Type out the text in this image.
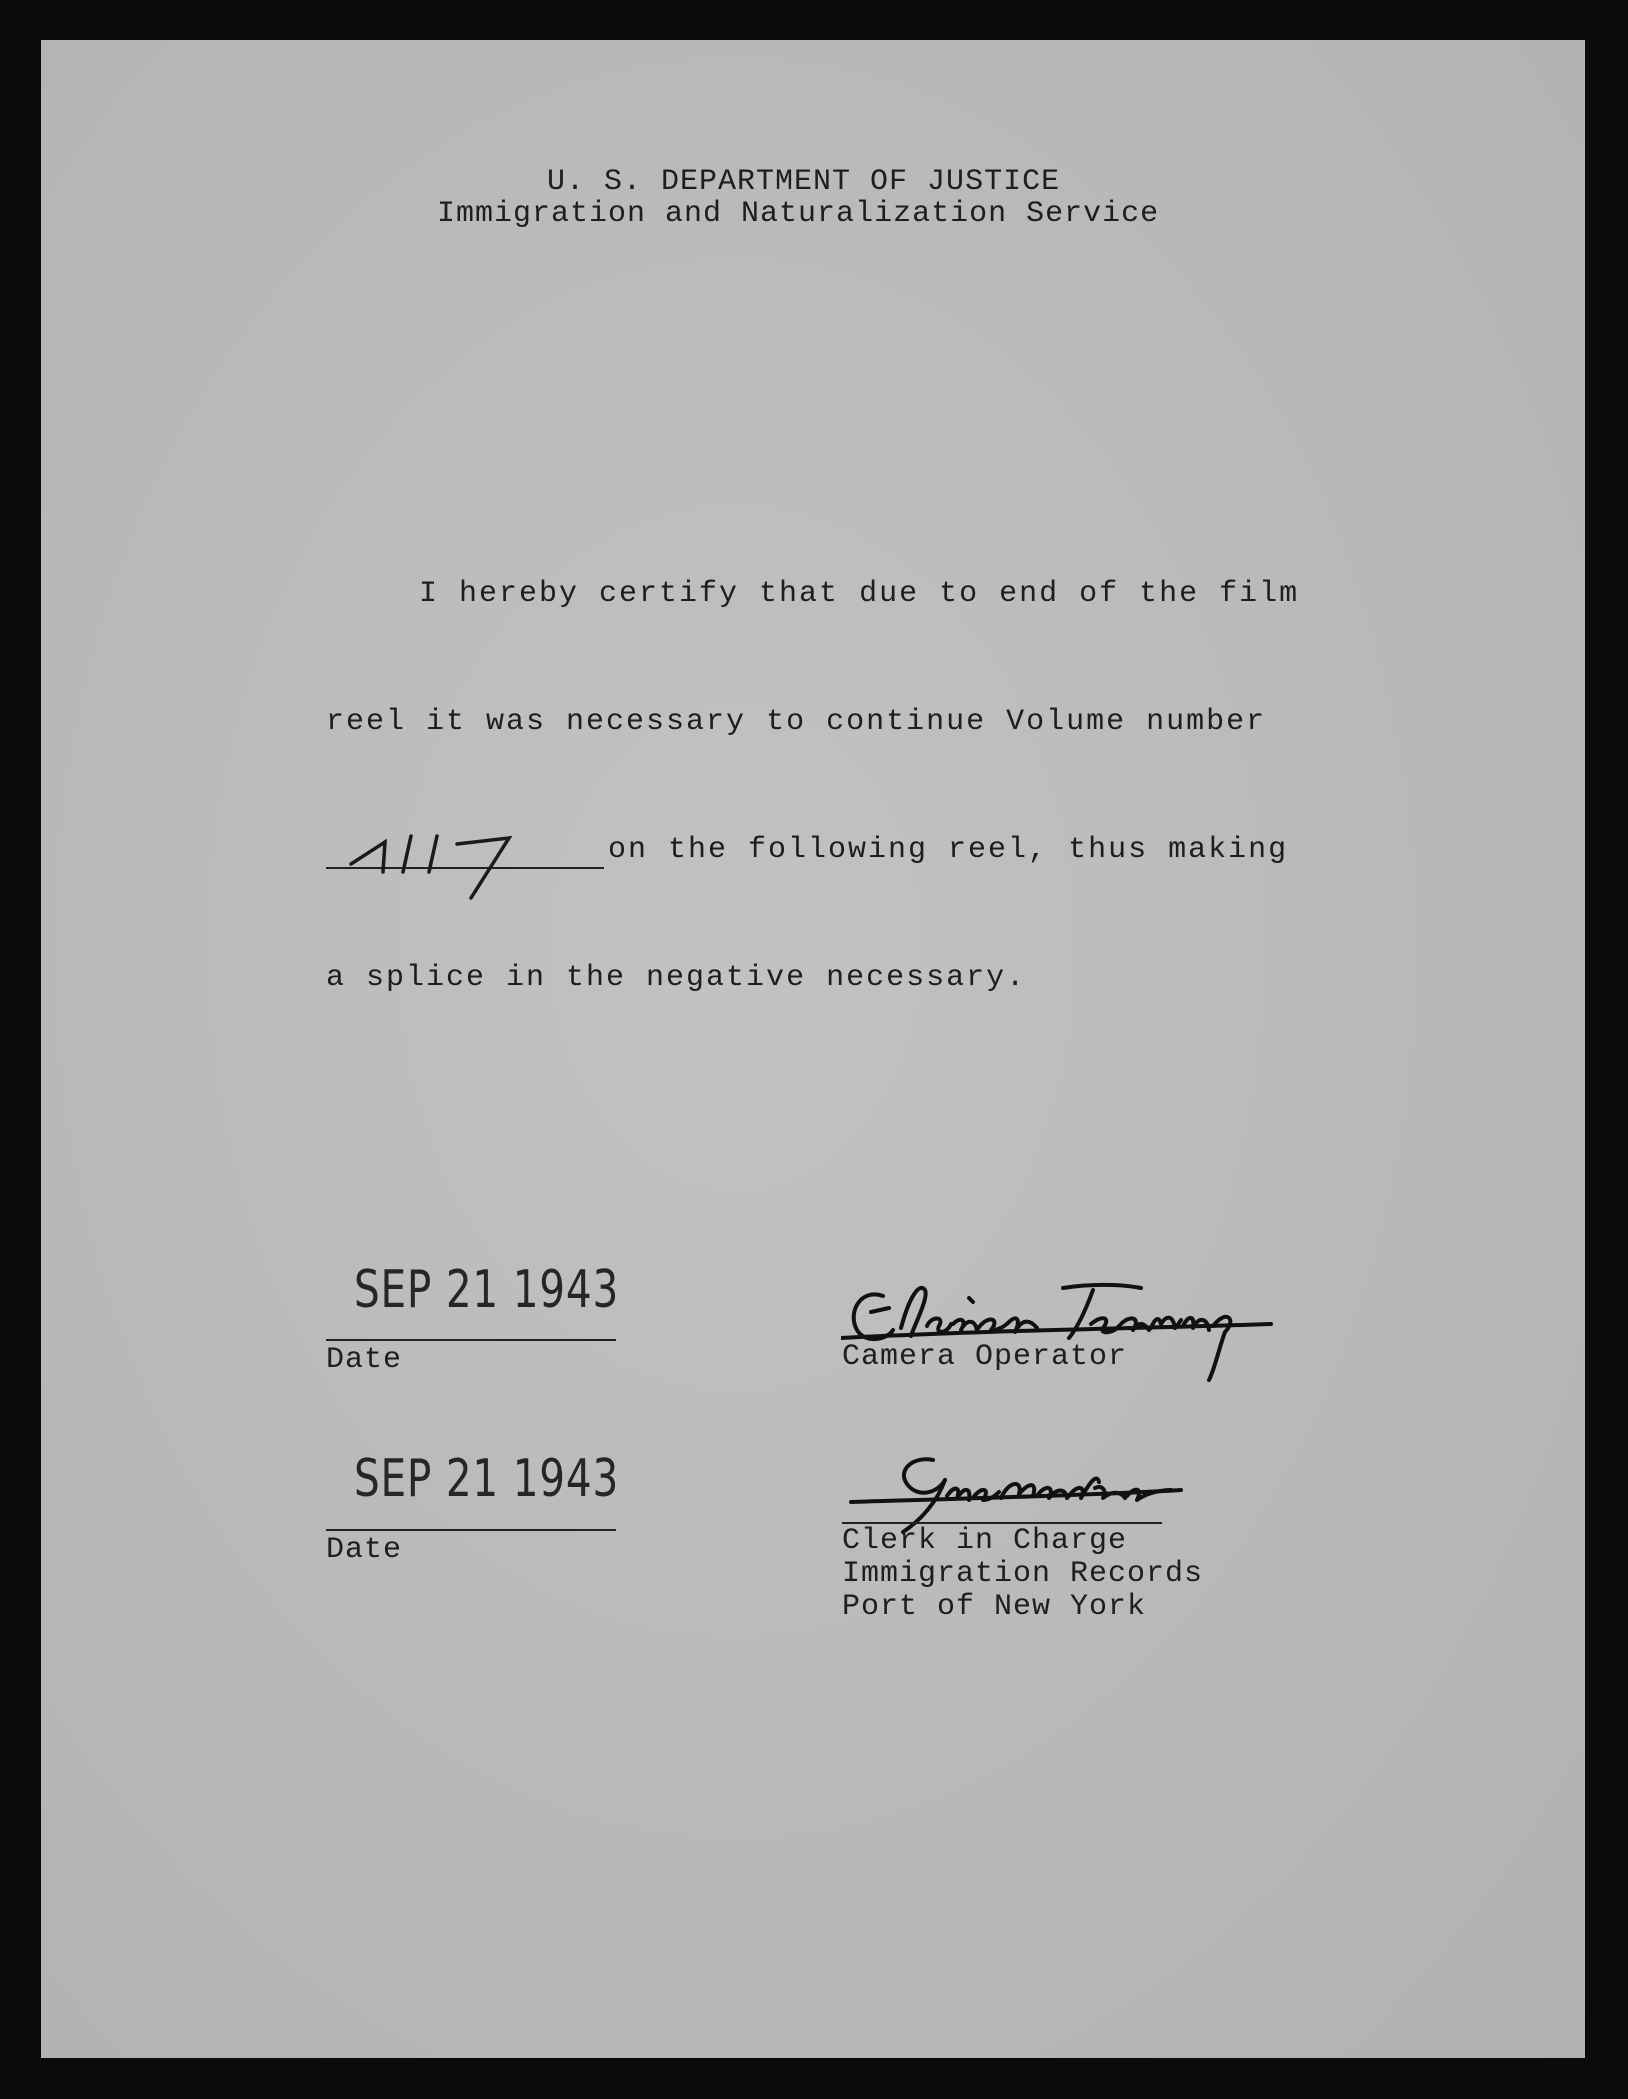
U. S. DEPARTMENT OF JUSTICE
Immigration and Naturalization Service
I hereby certify that due to end of the film
reel it was necessary to continue Volume number
on the following reel, thus making
a splice in the negative necessary.
SEP 21 1943
Date	Camera Operator
SEP 21 1943
Date	Clerk in Charge
Immigration Records
Port of New York
